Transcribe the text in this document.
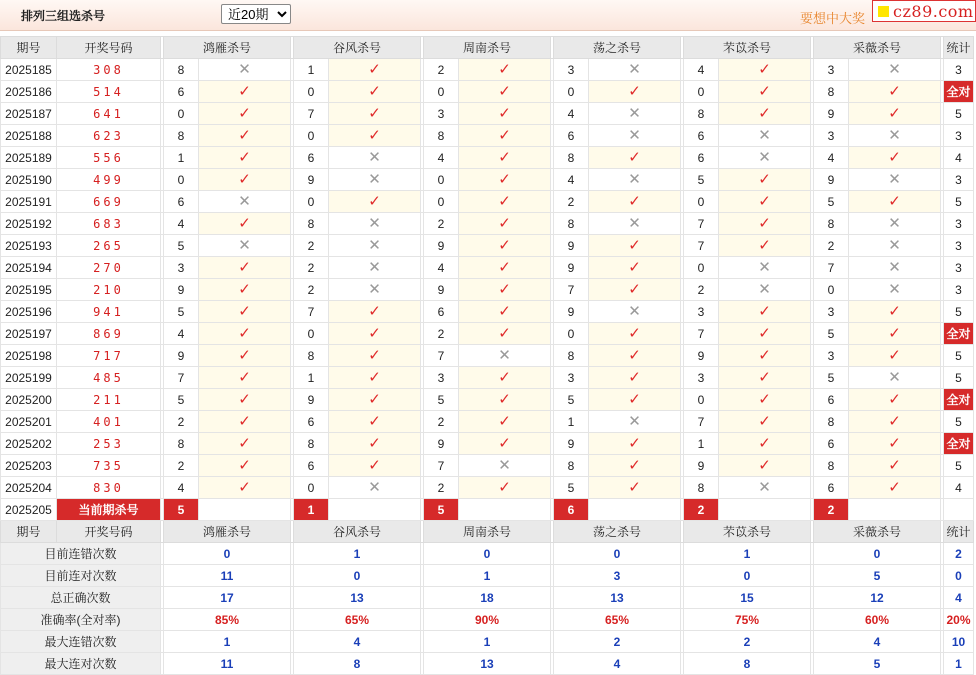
排列三组选杀号
近20期	要想中大奖 cz89.com
期号	开奖号码		鸿雁杀号			谷风杀号			周南杀号			荡之杀号			芣苡杀号			采薇杀号			统计
2025185	308		8	✕		1	✓		2	✓		3	✕		4	✓		3	✕		3
2025186	514		6	✓		0	✓		0	✓		0	✓		0	✓		8	✓		全对
2025187	641		0	✓		7	✓		3	✓		4	✕		8	✓		9	✓		5
2025188	623		8	✓		0	✓		8	✓		6	✕		6	✕		3	✕		3
2025189	556		1	✓		6	✕		4	✓		8	✓		6	✕		4	✓		4
2025190	499		0	✓		9	✕		0	✓		4	✕		5	✓		9	✕		3
2025191	669		6	✕		0	✓		0	✓		2	✓		0	✓		5	✓		5
2025192	683		4	✓		8	✕		2	✓		8	✕		7	✓		8	✕		3
2025193	265		5	✕		2	✕		9	✓		9	✓		7	✓		2	✕		3
2025194	270		3	✓		2	✕		4	✓		9	✓		0	✕		7	✕		3
2025195	210		9	✓		2	✕		9	✓		7	✓		2	✕		0	✕		3
2025196	941		5	✓		7	✓		6	✓		9	✕		3	✓		3	✓		5
2025197	869		4	✓		0	✓		2	✓		0	✓		7	✓		5	✓		全对
2025198	717		9	✓		8	✓		7	✕		8	✓		9	✓		3	✓		5
2025199	485		7	✓		1	✓		3	✓		3	✓		3	✓		5	✕		5
2025200	211		5	✓		9	✓		5	✓		5	✓		0	✓		6	✓		全对
2025201	401		2	✓		6	✓		2	✓		1	✕		7	✓		8	✓		5
2025202	253		8	✓		8	✓		9	✓		9	✓		1	✓		6	✓		全对
2025203	735		2	✓		6	✓		7	✕		8	✓		9	✓		8	✓		5
2025204	830		4	✓		0	✕		2	✓		5	✓		8	✕		6	✓		4
2025205	当前期杀号		5			1			5			6			2			2			
期号	开奖号码		鸿雁杀号			谷风杀号			周南杀号			荡之杀号			芣苡杀号			采薇杀号			统计
目前连错次数			0			1			0			0			1			0			2
目前连对次数			11			0			1			3			0			5			0
总正确次数			17			13			18			13			15			12			4
准确率(全对率)			85%			65%			90%			65%			75%			60%			20%
最大连错次数			1			4			1			2			2			4			10
最大连对次数			11			8			13			4			8			5			1
